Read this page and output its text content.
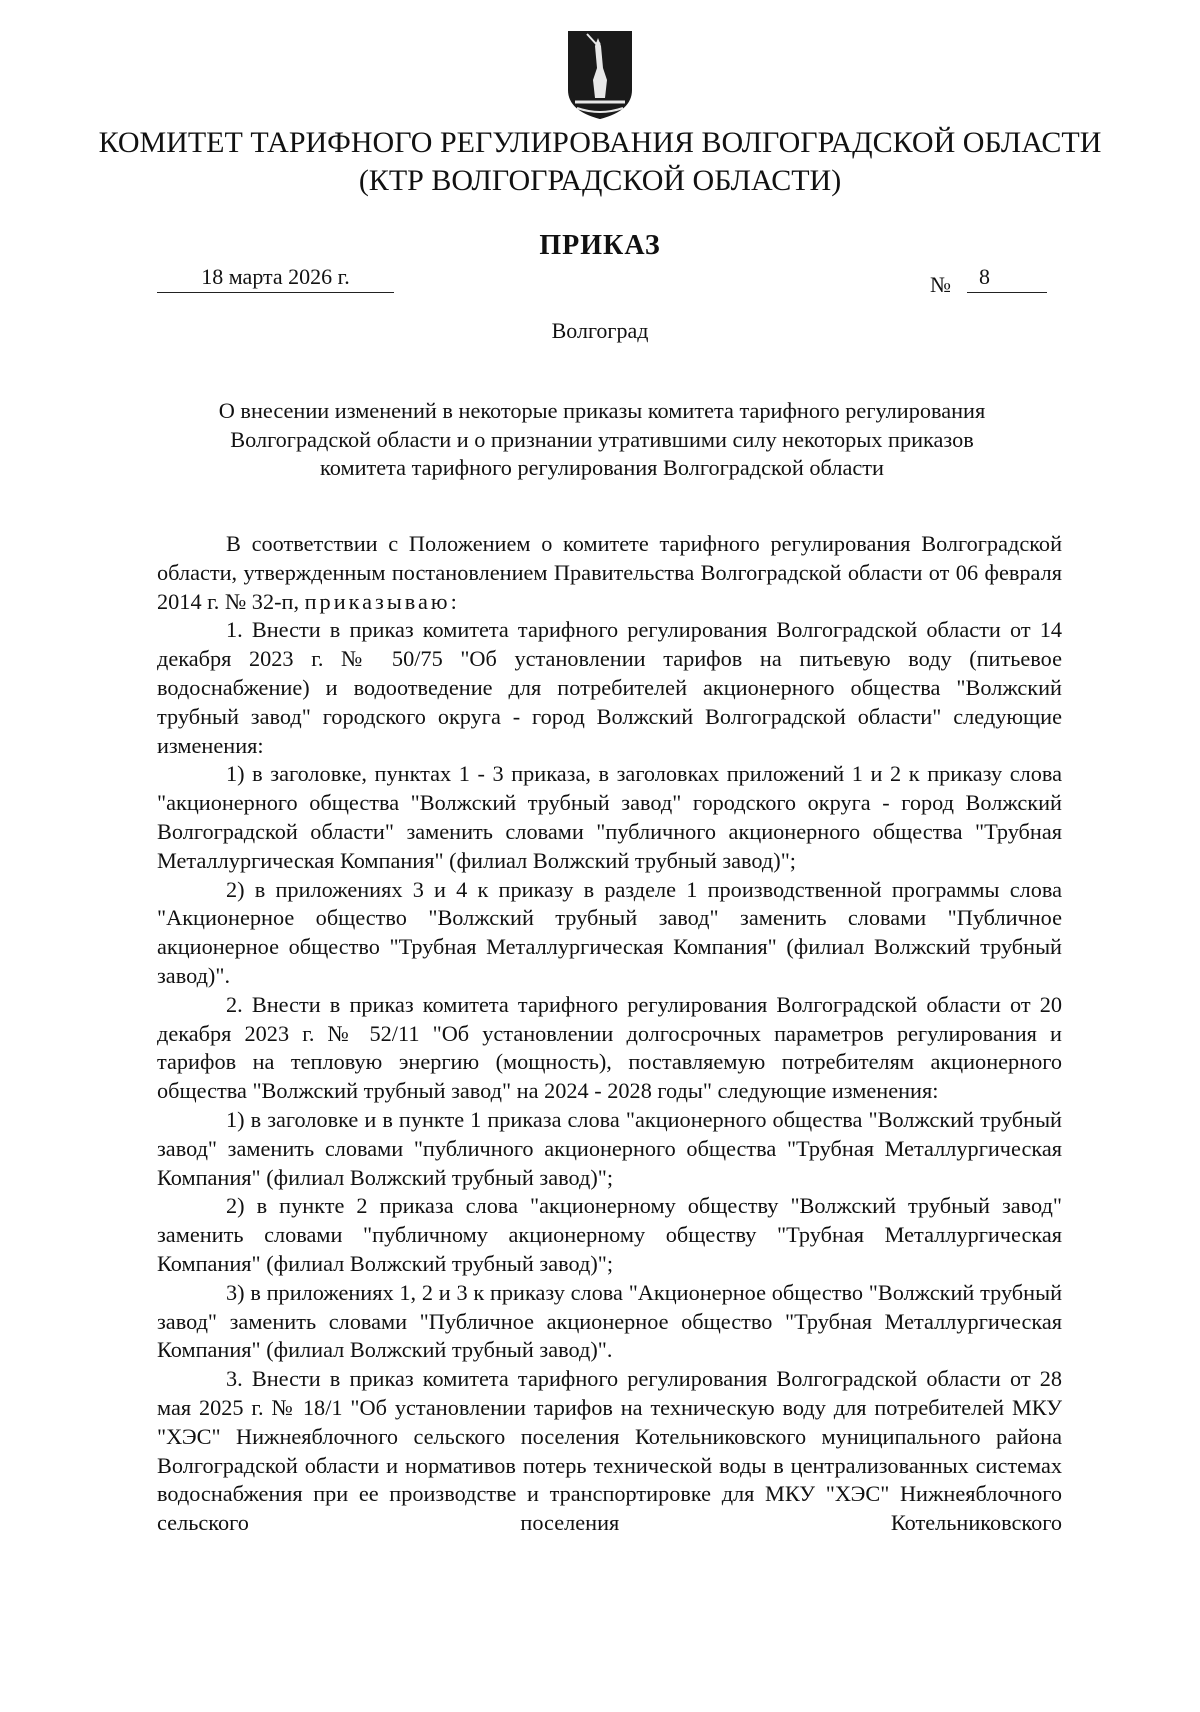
КОМИТЕТ ТАРИФНОГО РЕГУЛИРОВАНИЯ ВОЛГОГРАДСКОЙ ОБЛАСТИ
(КТР ВОЛГОГРАДСКОЙ ОБЛАСТИ)
ПРИКАЗ
18 марта 2026 г.	№	8
Волгоград
О внесении изменений в некоторые приказы комитета тарифного регулирования
Волгоградской области и о признании утратившими силу некоторых приказов
комитета тарифного регулирования Волгоградской области

В соответствии с Положением о комитете тарифного регулирования Волгоградской области, утвержденным постановлением Правительства Волгоградской области от 06 февраля 2014 г. № 32-п, приказываю:

1. Внести в приказ комитета тарифного регулирования Волгоградской области от 14 декабря 2023 г. № 50/75 "Об установлении тарифов на питьевую воду (питьевое водоснабжение) и водоотведение для потребителей акционерного общества "Волжский трубный завод" городского округа - город Волжский Волгоградской области" следующие изменения:

1) в заголовке, пунктах 1 - 3 приказа, в заголовках приложений 1 и 2 к приказу слова "акционерного общества "Волжский трубный завод" городского округа - город Волжский Волгоградской области" заменить словами "публичного акционерного общества "Трубная Металлургическая Компания" (филиал Волжский трубный завод)";

2) в приложениях 3 и 4 к приказу в разделе 1 производственной программы слова "Акционерное общество "Волжский трубный завод" заменить словами "Публичное акционерное общество "Трубная Металлургическая Компания" (филиал Волжский трубный завод)".

2. Внести в приказ комитета тарифного регулирования Волгоградской области от 20 декабря 2023 г. № 52/11 "Об установлении долгосрочных параметров регулирования и тарифов на тепловую энергию (мощность), поставляемую потребителям акционерного общества "Волжский трубный завод" на 2024 - 2028 годы" следующие изменения:

1) в заголовке и в пункте 1 приказа слова "акционерного общества "Волжский трубный завод" заменить словами "публичного акционерного общества "Трубная Металлургическая Компания" (филиал Волжский трубный завод)";

2) в пункте 2 приказа слова "акционерному обществу "Волжский трубный завод" заменить словами "публичному акционерному обществу "Трубная Металлургическая Компания" (филиал Волжский трубный завод)";

3) в приложениях 1, 2 и 3 к приказу слова "Акционерное общество "Волжский трубный завод" заменить словами "Публичное акционерное общество "Трубная Металлургическая Компания" (филиал Волжский трубный завод)".

3. Внести в приказ комитета тарифного регулирования Волгоградской области от 28 мая 2025 г. № 18/1 "Об установлении тарифов на техническую воду для потребителей МКУ "ХЭС" Нижнеяблочного сельского поселения Котельниковского муниципального района Волгоградской области и нормативов потерь технической воды в централизованных системах водоснабжения при ее производстве и транспортировке для МКУ "ХЭС" Нижнеяблочного сельского поселения Котельниковского
